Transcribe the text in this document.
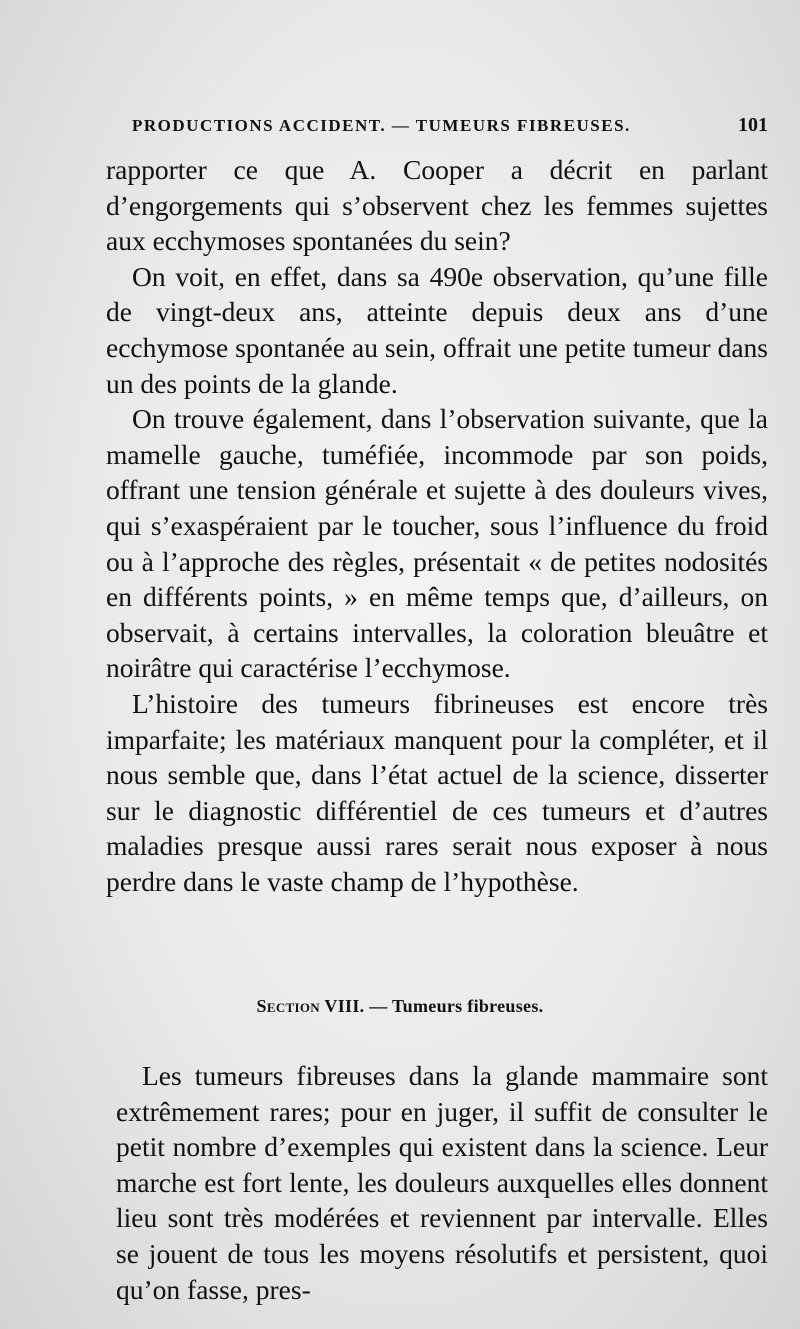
PRODUCTIONS ACCIDENT. — TUMEURS FIBREUSES.	101

rapporter ce que A. Cooper a décrit en parlant d’engorgements qui s’observent chez les femmes sujettes aux ecchymoses spontanées du sein?

On voit, en effet, dans sa 490e observation, qu’une fille de vingt-deux ans, atteinte depuis deux ans d’une ecchymose spontanée au sein, offrait une petite tumeur dans un des points de la glande.

On trouve également, dans l’observation suivante, que la mamelle gauche, tuméfiée, incommode par son poids, offrant une tension générale et sujette à des douleurs vives, qui s’exaspéraient par le toucher, sous l’influence du froid ou à l’approche des règles, présentait « de petites nodosités en différents points, » en même temps que, d’ailleurs, on observait, à certains intervalles, la coloration bleuâtre et noirâtre qui caractérise l’ecchymose.

L’histoire des tumeurs fibrineuses est encore très imparfaite; les matériaux manquent pour la compléter, et il nous semble que, dans l’état actuel de la science, disserter sur le diagnostic différentiel de ces tumeurs et d’autres maladies presque aussi rares serait nous exposer à nous perdre dans le vaste champ de l’hypothèse.

Section VIII. — Tumeurs fibreuses.

Les tumeurs fibreuses dans la glande mammaire sont extrêmement rares; pour en juger, il suffit de consulter le petit nombre d’exemples qui existent dans la science. Leur marche est fort lente, les douleurs auxquelles elles donnent lieu sont très modérées et reviennent par intervalle. Elles se jouent de tous les moyens résolutifs et persistent, quoi qu’on fasse, pres-
